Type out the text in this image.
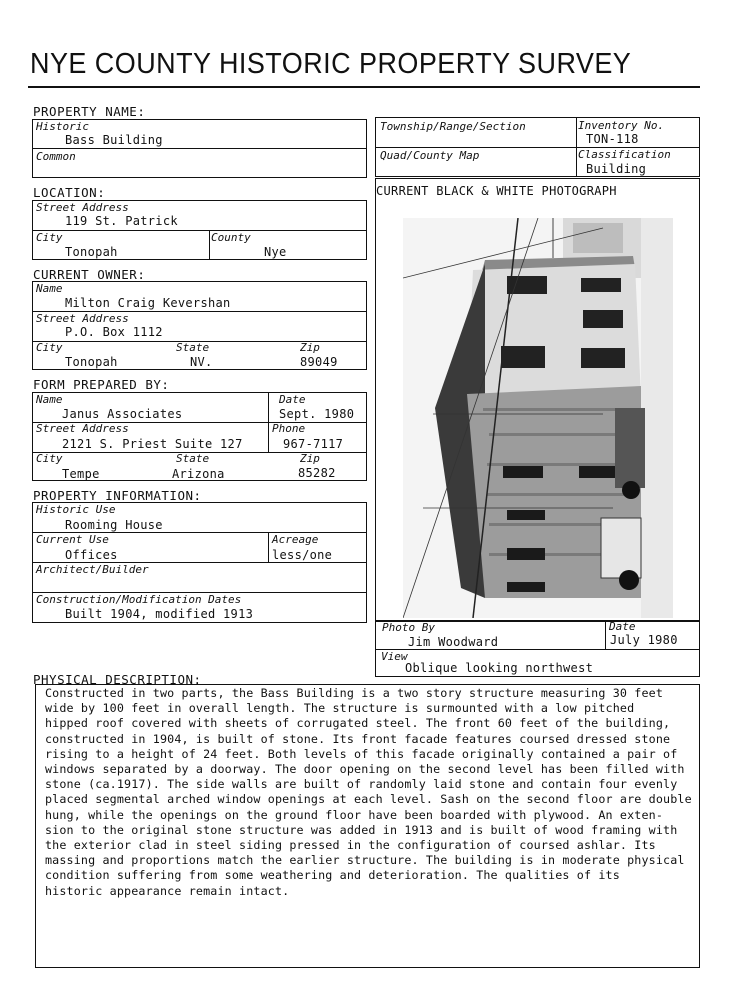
NYE COUNTY HISTORIC PROPERTY SURVEY
PROPERTY NAME:
Historic
Bass Building
Common
LOCATION:
Street Address
119 St. Patrick
City
Tonopah
County
Nye
CURRENT OWNER:
Name
Milton Craig Kevershan
Street Address
P.O. Box 1112
City
Tonopah
State
NV.
Zip
89049
FORM PREPARED BY:
Name
Janus Associates
Date
Sept. 1980
Street Address
2121 S. Priest Suite 127
Phone
967-7117
City
Tempe
State
Arizona
Zip
85282
PROPERTY INFORMATION:
Historic Use
Rooming House
Current Use
Offices
Acreage
less/one
Architect/Builder
Construction/Modification Dates
Built 1904, modified 1913
Township/Range/Section	Inventory No.
TON-118
Quad/County Map	Classification
Building
CURRENT BLACK & WHITE PHOTOGRAPH
Photo By
Jim Woodward
Date
July 1980
View
Oblique looking northwest
PHYSICAL DESCRIPTION:
Constructed in two parts, the Bass Building is a two story structure measuring 30 feet
wide by 100 feet in overall length. The structure is surmounted with a low pitched
hipped roof covered with sheets of corrugated steel. The front 60 feet of the building,
constructed in 1904, is built of stone. Its front facade features coursed dressed stone
rising to a height of 24 feet. Both levels of this facade originally contained a pair of
windows separated by a doorway. The door opening on the second level has been filled with
stone (ca.1917). The side walls are built of randomly laid stone and contain four evenly
placed segmental arched window openings at each level. Sash on the second floor are double
hung, while the openings on the ground floor have been boarded with plywood. An exten-
sion to the original stone structure was added in 1913 and is built of wood framing with
the exterior clad in steel siding pressed in the configuration of coursed ashlar. Its
massing and proportions match the earlier structure. The building is in moderate physical
condition suffering from some weathering and deterioration. The qualities of its
historic appearance remain intact.
